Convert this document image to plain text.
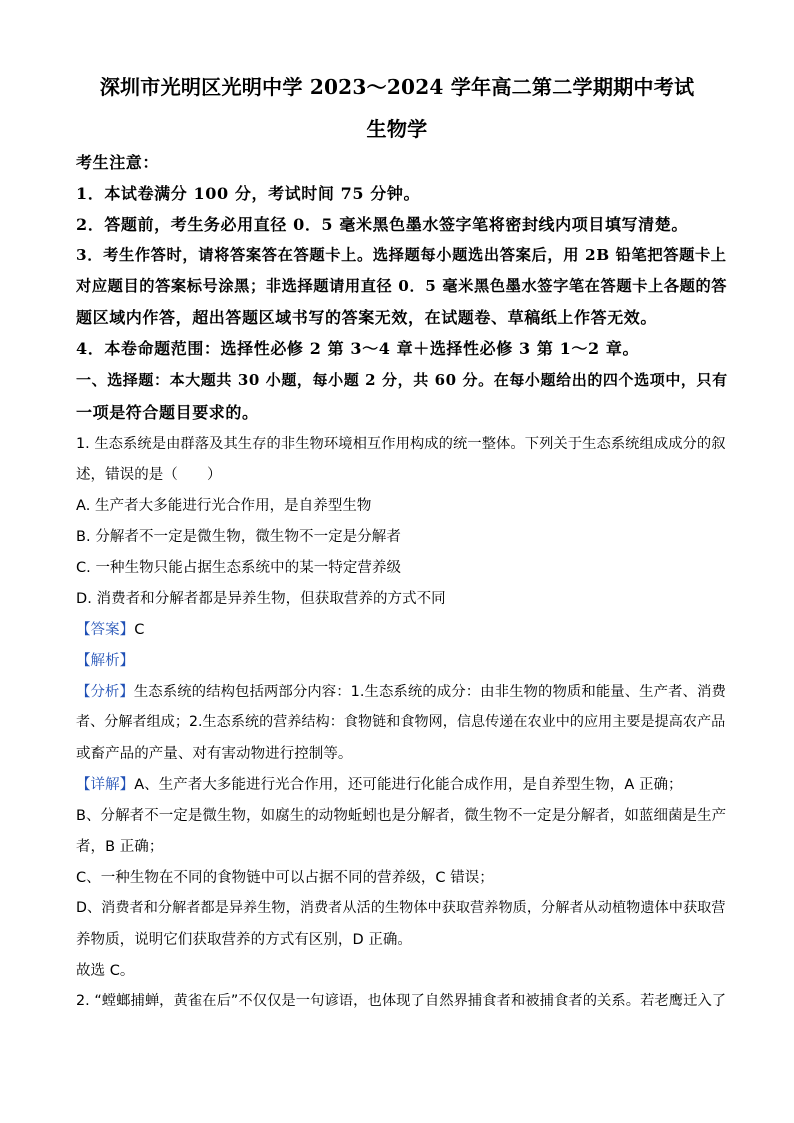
深圳市光明区光明中学 2023～2024 学年高二第二学期期中考试
生物学
考生注意：
1．本试卷满分 100 分，考试时间 75 分钟。
2．答题前，考生务必用直径 0．5 毫米黑色墨水签字笔将密封线内项目填写清楚。
3．考生作答时，请将答案答在答题卡上。选择题每小题选出答案后，用 2B 铅笔把答题卡上
对应题目的答案标号涂黑；非选择题请用直径 0．5 毫米黑色墨水签字笔在答题卡上各题的答
题区域内作答，超出答题区域书写的答案无效，在试题卷、草稿纸上作答无效。
4．本卷命题范围：选择性必修 2 第 3～4 章＋选择性必修 3 第 1～2 章。
一、选择题：本大题共 30 小题，每小题 2 分，共 60 分。在每小题给出的四个选项中，只有
一项是符合题目要求的。
1. 生态系统是由群落及其生存的非生物环境相互作用构成的统一整体。下列关于生态系统组成成分的叙
述，错误的是（　　）
A. 生产者大多能进行光合作用，是自养型生物
B. 分解者不一定是微生物，微生物不一定是分解者
C. 一种生物只能占据生态系统中的某一特定营养级
D. 消费者和分解者都是异养生物，但获取营养的方式不同
【答案】C
【解析】
【分析】生态系统的结构包括两部分内容：1.生态系统的成分：由非生物的物质和能量、生产者、消费
者、分解者组成；2.生态系统的营养结构：食物链和食物网，信息传递在农业中的应用主要是提高农产品
或畜产品的产量、对有害动物进行控制等。
【详解】A、生产者大多能进行光合作用，还可能进行化能合成作用，是自养型生物，A 正确；
B、分解者不一定是微生物，如腐生的动物蚯蚓也是分解者，微生物不一定是分解者，如蓝细菌是生产
者，B 正确；
C、一种生物在不同的食物链中可以占据不同的营养级，C 错误；
D、消费者和分解者都是异养生物，消费者从活的生物体中获取营养物质，分解者从动植物遗体中获取营
养物质，说明它们获取营养的方式有区别，D 正确。
故选 C。
2. “螳螂捕蝉，黄雀在后”不仅仅是一句谚语，也体现了自然界捕食者和被捕食者的关系。若老鹰迁入了
